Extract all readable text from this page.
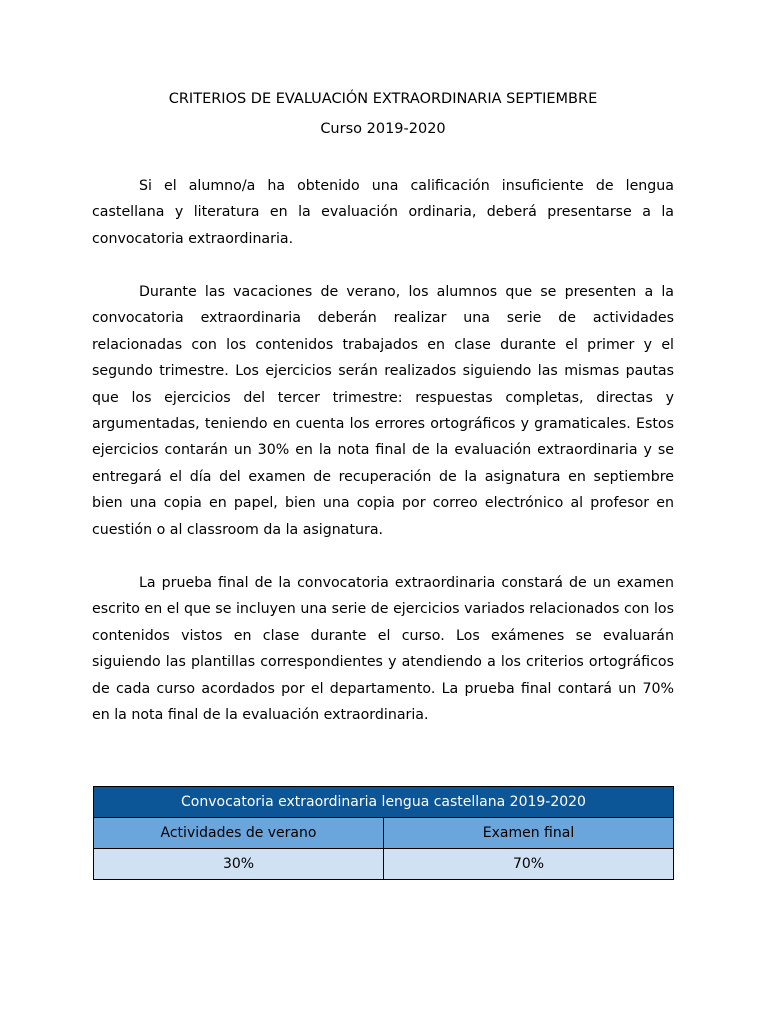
CRITERIOS DE EVALUACIÓN EXTRAORDINARIA SEPTIEMBRE
Curso 2019-2020

Si el alumno/a ha obtenido una calificación insuficiente de lengua castellana y literatura en la evaluación ordinaria, deberá presentarse a la convocatoria extraordinaria.

Durante las vacaciones de verano, los alumnos que se presenten a la convocatoria extraordinaria deberán realizar una serie de actividades relacionadas con los contenidos trabajados en clase durante el primer y el segundo trimestre. Los ejercicios serán realizados siguiendo las mismas pautas que los ejercicios del tercer trimestre: respuestas completas, directas y argumentadas, teniendo en cuenta los errores ortográficos y gramaticales. Estos ejercicios contarán un 30% en la nota final de la evaluación extraordinaria y se entregará el día del examen de recuperación de la asignatura en septiembre bien una copia en papel, bien una copia por correo electrónico al profesor en cuestión o al classroom da la asignatura.

La prueba final de la convocatoria extraordinaria constará de un examen escrito en el que se incluyen una serie de ejercicios variados relacionados con los contenidos vistos en clase durante el curso. Los exámenes se evaluarán siguiendo las plantillas correspondientes y atendiendo a los criterios ortográficos de cada curso acordados por el departamento. La prueba final contará un 70% en la nota final de la evaluación extraordinaria.

Convocatoria extraordinaria lengua castellana 2019-2020	
Actividades de verano	Examen final
30%	70%
